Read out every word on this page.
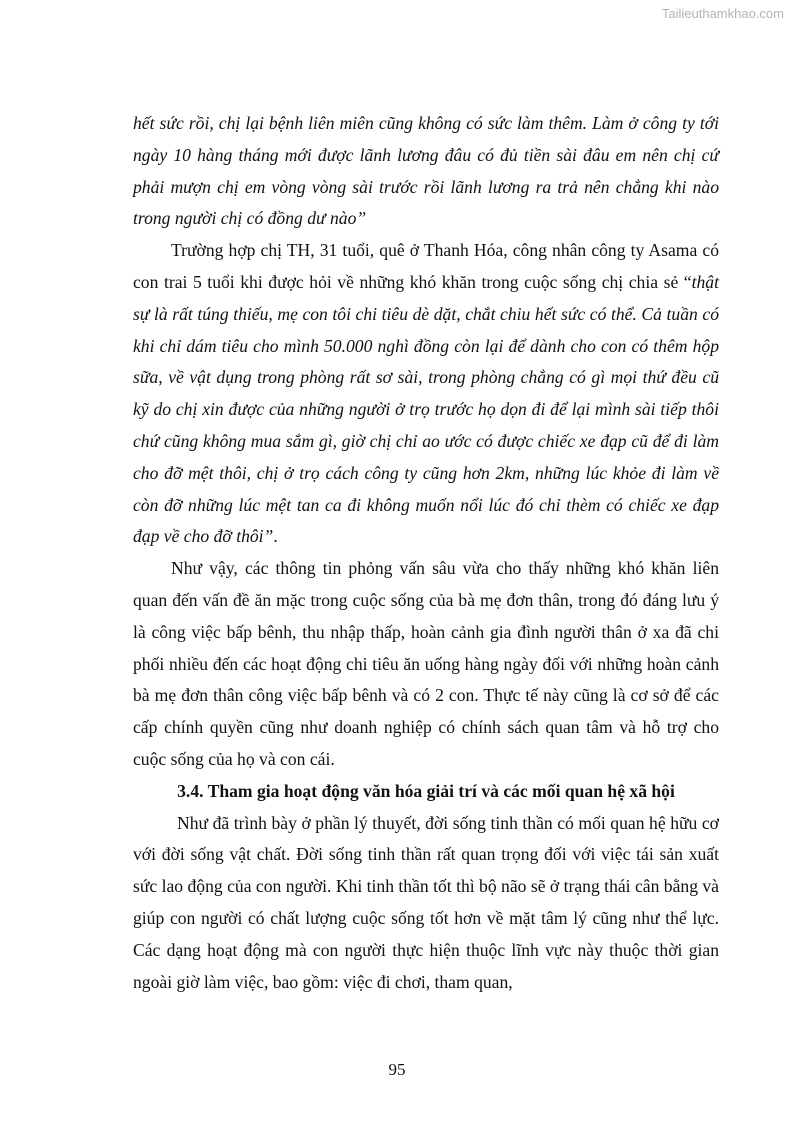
Tailieuthamkhao.com

hết sức rồi, chị lại bệnh liên miên cũng không có sức làm thêm. Làm ở công ty tới ngày 10 hàng tháng mới được lãnh lương đâu có đủ tiền sài đâu em nên chị cứ phải mượn chị em vòng vòng sài trước rồi lãnh lương ra trả nên chẳng khi nào trong người chị có đồng dư nào”

Trường hợp chị TH, 31 tuổi, quê ở Thanh Hóa, công nhân công ty Asama có con trai 5 tuổi khi được hỏi về những khó khăn trong cuộc sống chị chia sẻ “thật sự là rất túng thiếu, mẹ con tôi chi tiêu dè dặt, chắt chiu hết sức có thể. Cả tuần có khi chỉ dám tiêu cho mình 50.000 nghì đồng còn lại để dành cho con có thêm hộp sữa, về vật dụng trong phòng rất sơ sài, trong phòng chẳng có gì mọi thứ đều cũ kỹ do chị xin được của những người ở trọ trước họ dọn đi để lại mình sài tiếp thôi chứ cũng không mua sắm gì, giờ chị chỉ ao ước có được chiếc xe đạp cũ để đi làm cho đỡ mệt thôi, chị ở trọ cách công ty cũng hơn 2km, những lúc khỏe đi làm về còn đỡ những lúc mệt tan ca đi không muốn nổi lúc đó chỉ thèm có chiếc xe đạp đạp về cho đỡ thôi”.

Như vậy, các thông tin phỏng vấn sâu vừa cho thấy những khó khăn liên quan đến vấn đề ăn mặc trong cuộc sống của bà mẹ đơn thân, trong đó đáng lưu ý là công việc bấp bênh, thu nhập thấp, hoàn cảnh gia đình người thân ở xa đã chi phối nhiều đến các hoạt động chi tiêu ăn uống hàng ngày đối với những hoàn cảnh bà mẹ đơn thân công việc bấp bênh và có 2 con. Thực tế này cũng là cơ sở để các cấp chính quyền cũng như doanh nghiệp có chính sách quan tâm và hỗ trợ cho cuộc sống của họ và con cái.

3.4. Tham gia hoạt động văn hóa giải trí và các mối quan hệ xã hội

Như đã trình bày ở phần lý thuyết, đời sống tinh thần có mối quan hệ hữu cơ với đời sống vật chất. Đời sống tinh thần rất quan trọng đối với việc tái sản xuất sức lao động của con người. Khi tinh thần tốt thì bộ não sẽ ở trạng thái cân bằng và giúp con người có chất lượng cuộc sống tốt hơn về mặt tâm lý cũng như thể lực. Các dạng hoạt động mà con người thực hiện thuộc lĩnh vực này thuộc thời gian ngoài giờ làm việc, bao gồm: việc đi chơi, tham quan,

95
